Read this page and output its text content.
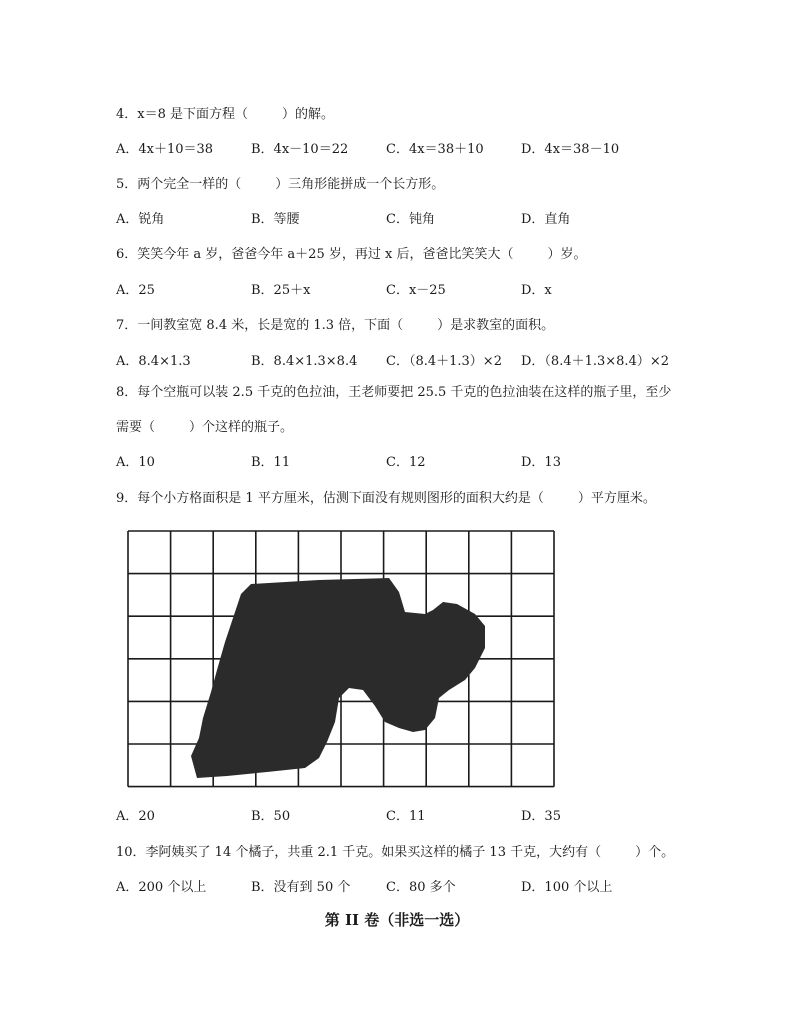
4．x＝8 是下面方程（	）的解。
A．4x＋10＝38	B．4x－10＝22	C．4x＝38＋10	D．4x＝38－10
5．两个完全一样的（	）三角形能拼成一个长方形。
A．锐角	B．等腰	C．钝角	D．直角
6．笑笑今年 a 岁，爸爸今年 a＋25 岁，再过 x 后，爸爸比笑笑大（	）岁。
A．25	B．25＋x	C．x－25	D．x
7．一间教室宽 8.4 米，长是宽的 1.3 倍，下面（	）是求教室的面积。
A．8.4×1.3	B．8.4×1.3×8.4 C．（8.4＋1.3）×2 D．（8.4＋1.3×8.4）×2
8．每个空瓶可以装 2.5 千克的色拉油，王老师要把 25.5 千克的色拉油装在这样的瓶子里，至少
需要（	）个这样的瓶子。
A．10	B．11	C．12	D．13
9．每个小方格面积是 1 平方厘米，估测下面没有规则图形的面积大约是（	）平方厘米。
A．20	B．50	C．11	D．35
10．李阿姨买了 14 个橘子，共重 2.1 千克。如果买这样的橘子 13 千克，大约有（	）个。
A．200 个以上	B．没有到 50 个	C．80 多个	D．100 个以上
第 II 卷（非选一选）
